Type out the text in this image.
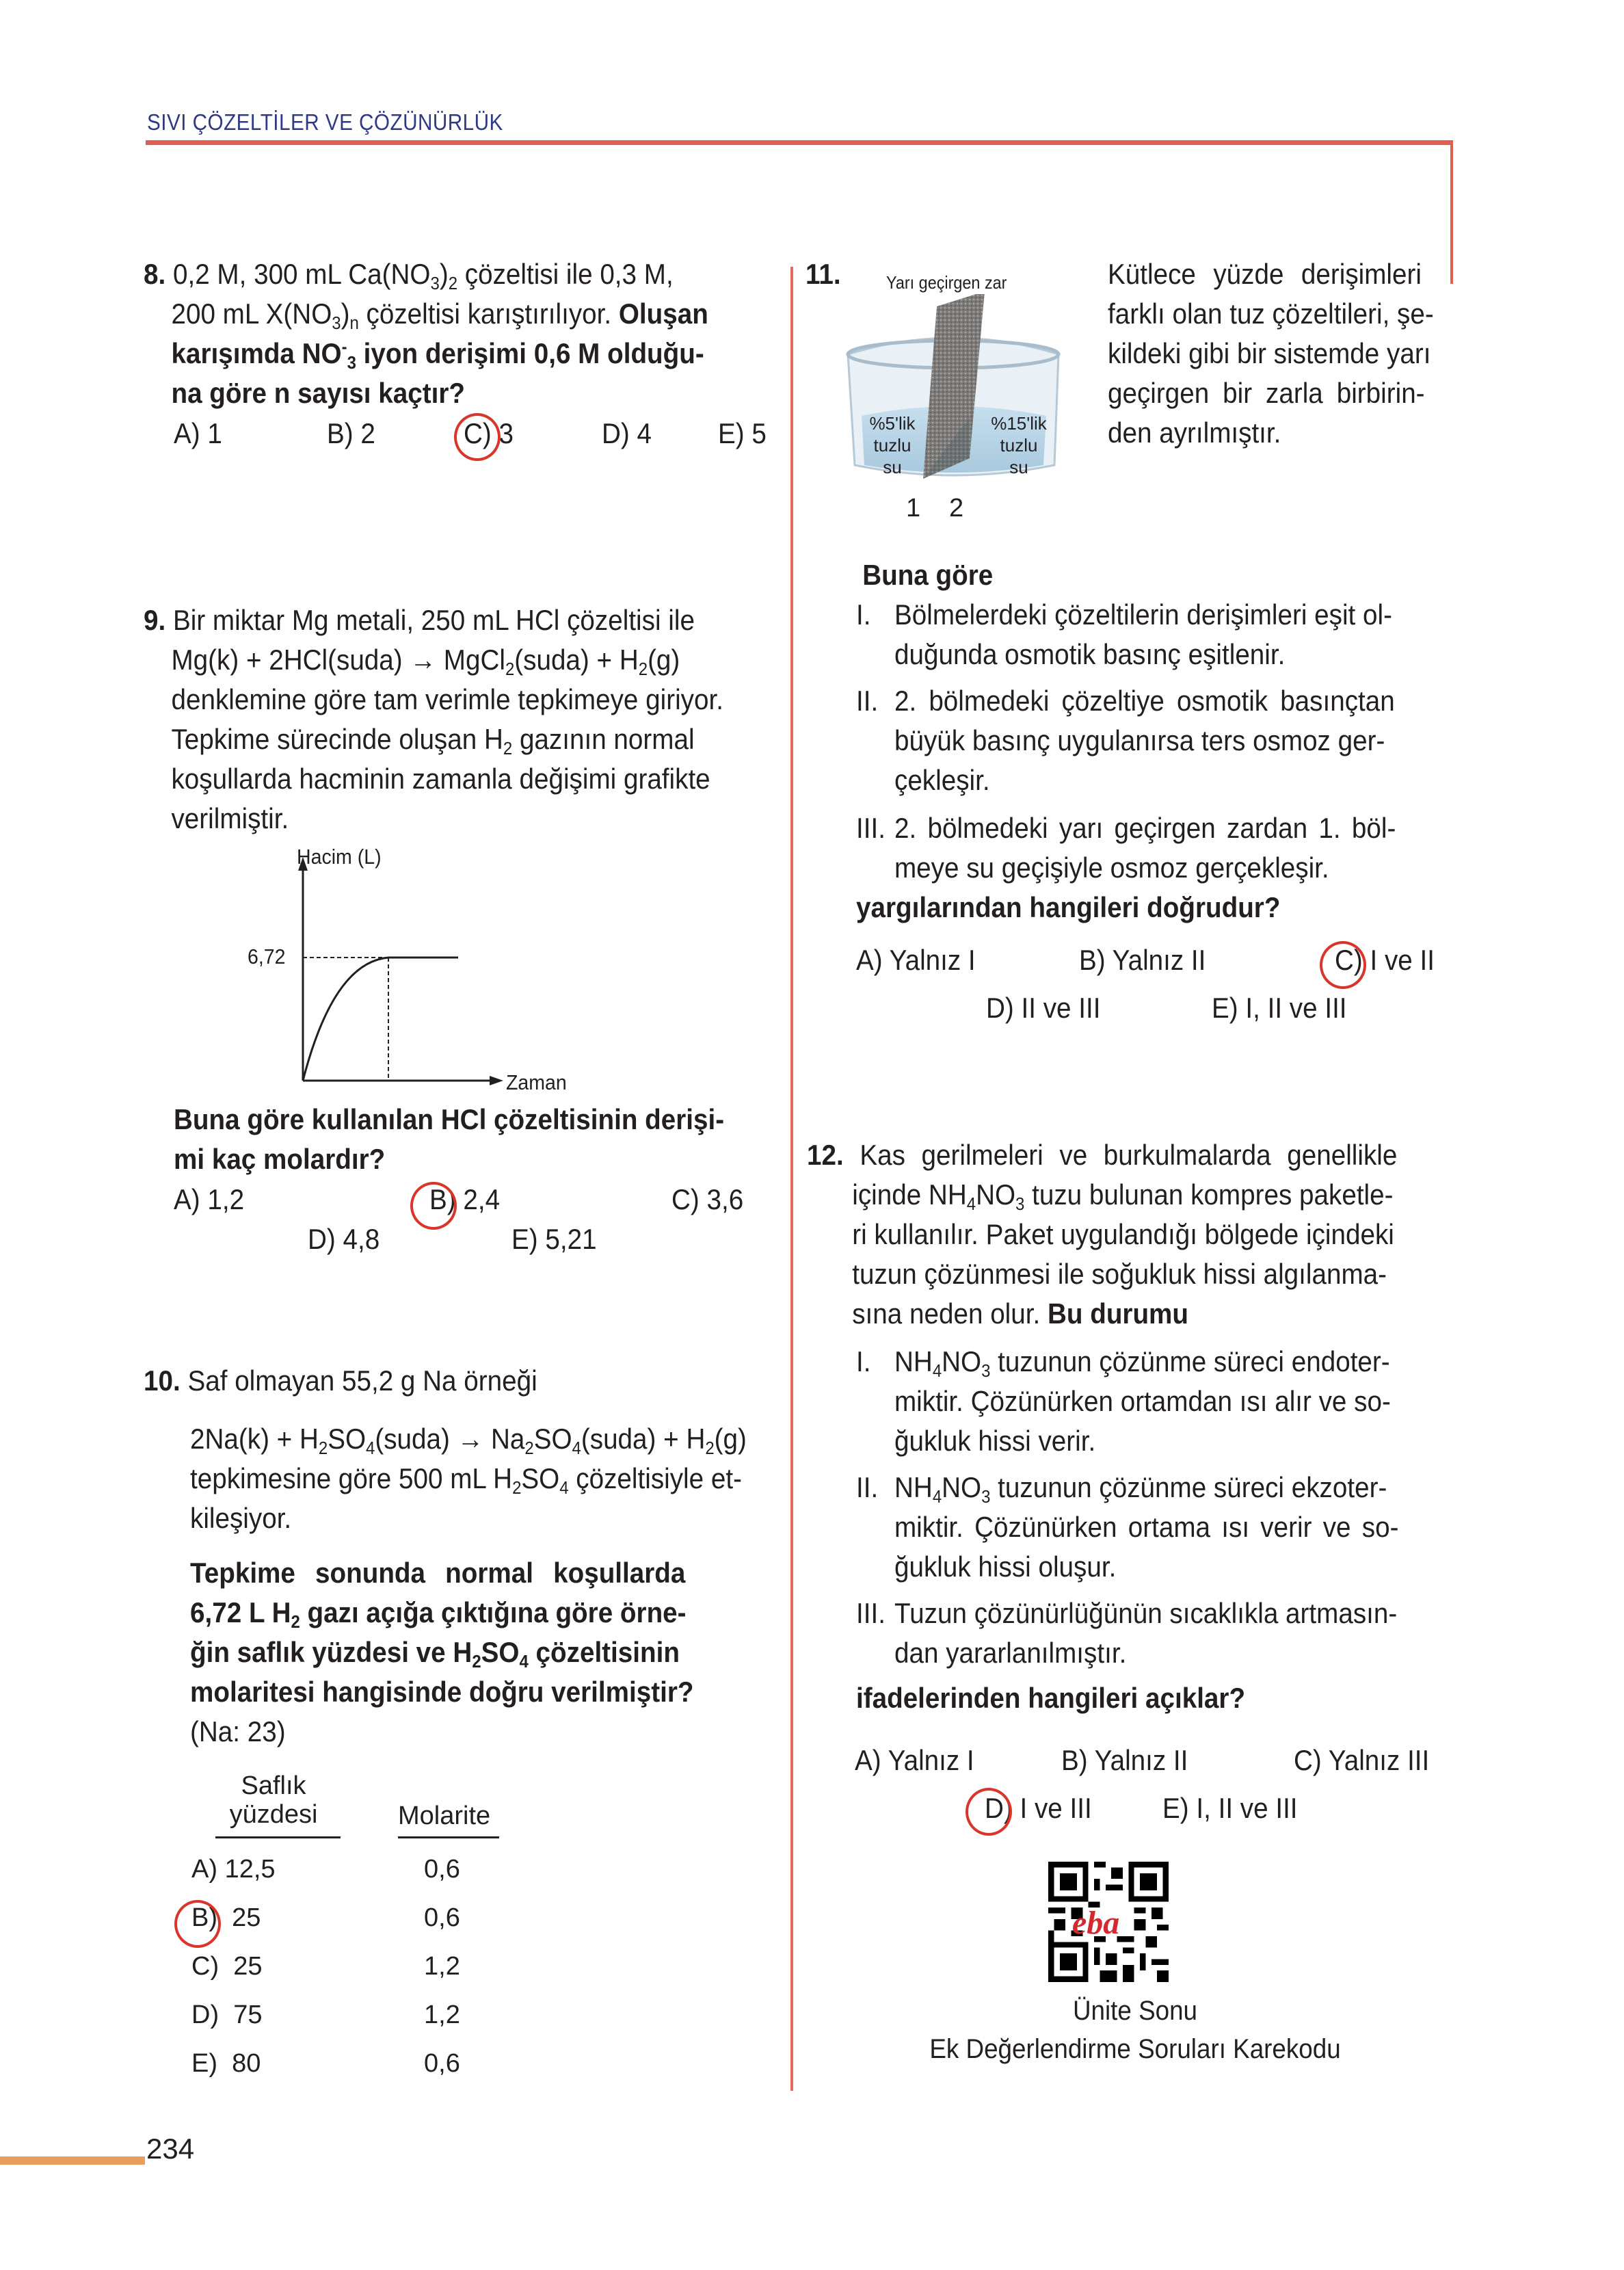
SIVI ÇÖZELTİLER VE ÇÖZÜNÜRLÜK
8. 0,2 M, 300 mL $Ca(NO_3)_2$ çözeltisi ile 0,3 M,
200 mL $X(NO_3)_n$ çözeltisi karıştırılıyor. Oluşan
karışımda $NO^-_3$ iyon derişimi 0,6 M olduğu-
na göre n sayısı kaçtır?
A) 1	B) 2	C) 3	D) 4 E) 5
9. Bir miktar Mg metali, 250 mL HCl çözeltisi ile
Mg(k) + 2HCl(suda) → MgCl$_2$(suda) + $H_2(g)$
denklemine göre tam verimle tepkimeye giriyor.
Tepkime sürecinde oluşan $H_2$ gazının normal
koşullarda hacminin zamanla değişimi grafikte
verilmiştir.
Hacim (L)
6,72
Zaman
Buna göre kullanılan HCl çözeltisinin derişi-
mi kaç molardır?
A) 1,2	B) 2,4	C) 3,6
D) 4,8	E) 5,21
10. Saf olmayan 55,2 g Na örneği
$2Na(k) + H_2SO_4(suda)$ → $Na_2SO_4(suda) + H_2(g)$
tepkimesine göre 500 mL $H_2SO_4$ çözeltisiyle et-
kileşiyor.
Tepkime sonunda normal koşullarda
6,72 L $H_2$ gazı açığa çıktığına göre örne-
ğin saflık yüzdesi ve $H_2SO_4$ çözeltisinin
molaritesi hangisinde doğru verilmiştir?
(Na: 23)
Saflık
yüzdesi	Molarite
A) 12,5	0,6
B) 25	0,6
C) 25	1,2
D) 75	1,2
E) 80	0,6
11.	Yarı geçirgen zar
%5'lik
tuzlu
su
%15'lik
tuzlu
su
1 2
Kütlece yüzde derişimleri
farklı olan tuz çözeltileri, şe-
kildeki gibi bir sistemde yarı
geçirgen bir zarla birbirin-
den ayrılmıştır.
Buna göre
I. Bölmelerdeki çözeltilerin derişimleri eşit ol-
duğunda osmotik basınç eşitlenir.
II. 2. bölmedeki çözeltiye osmotik basınçtan
büyük basınç uygulanırsa ters osmoz ger-
çekleşir.
III. 2. bölmedeki yarı geçirgen zardan 1. böl-
meye su geçişiyle osmoz gerçekleşir.
yargılarından hangileri doğrudur?
A) Yalnız I	B) Yalnız II	C) I ve II
D) II ve III	E) I, II ve III
12. Kas gerilmeleri ve burkulmalarda genellikle
içinde $NH_4NO_3$ tuzu bulunan kompres paketle-
ri kullanılır. Paket uygulandığı bölgede içindeki
tuzun çözünmesi ile soğukluk hissi algılanma-
sına neden olur. Bu durumu
I. $NH_4NO_3$ tuzunun çözünme süreci endoter-
miktir. Çözünürken ortamdan ısı alır ve so-
ğukluk hissi verir.
II. $NH_4NO_3$ tuzunun çözünme süreci ekzoter-
miktir. Çözünürken ortama ısı verir ve so-
ğukluk hissi oluşur.
III. Tuzun çözünürlüğünün sıcaklıkla artmasın-
dan yararlanılmıştır.
ifadelerinden hangileri açıklar?
A) Yalnız I	B) Yalnız II	C) Yalnız III
D) I ve III E) I, II ve III
eba
Ünite Sonu
Ek Değerlendirme Soruları Karekodu
234
